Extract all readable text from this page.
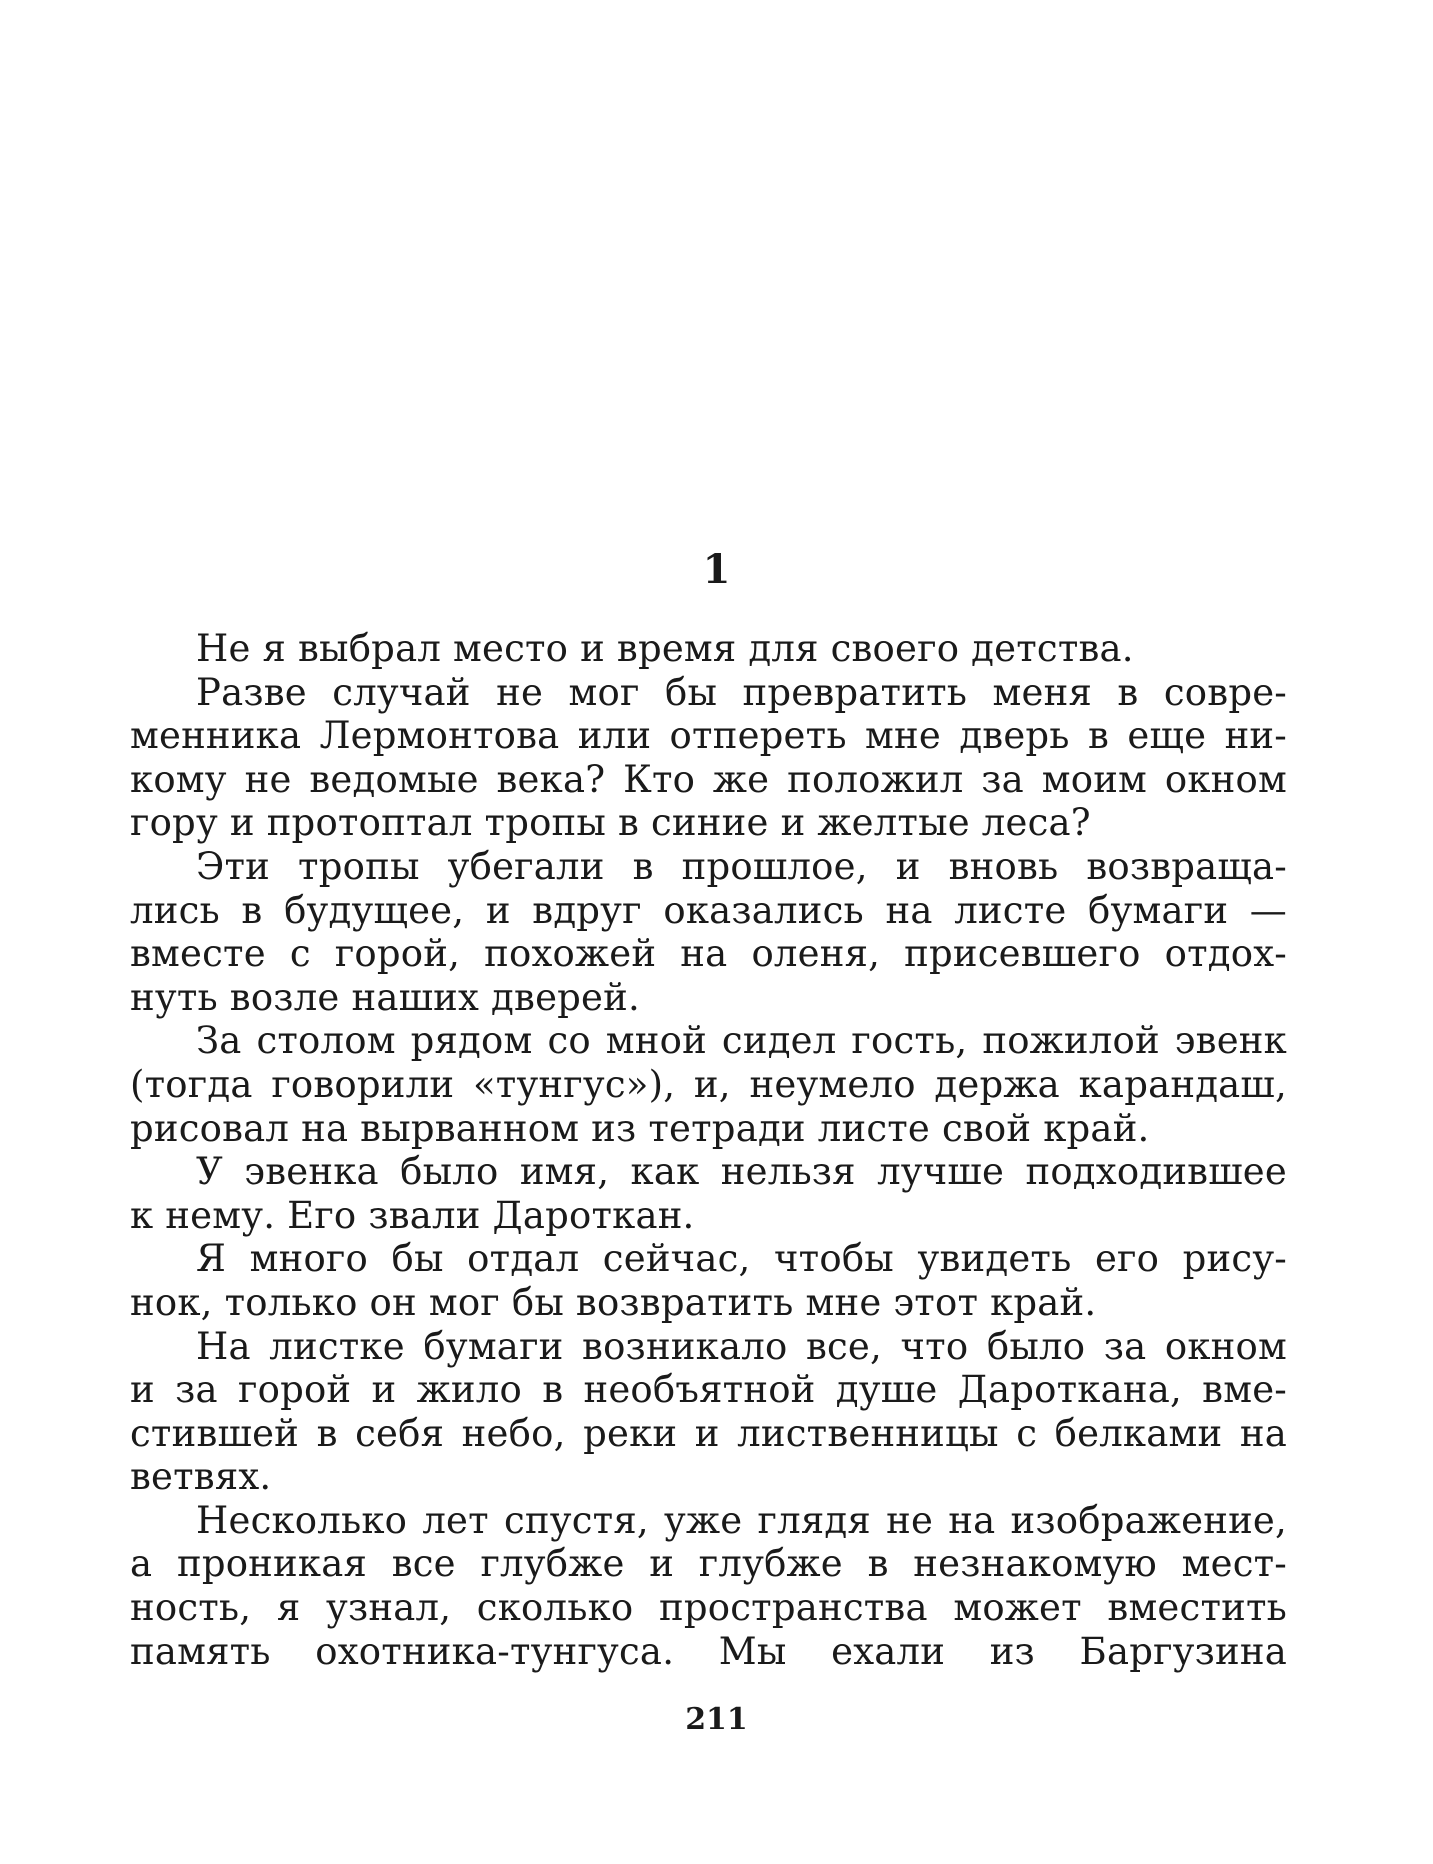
1
Не я выбрал место и время для своего детства.
Разве случай не мог бы превратить меня в совре-
менника Лермонтова или отпереть мне дверь в еще ни-
кому не ведомые века? Кто же положил за моим окном
гору и протоптал тропы в синие и желтые леса?
Эти тропы убегали в прошлое, и вновь возвраща-
лись в будущее, и вдруг оказались на листе бумаги —
вместе с горой, похожей на оленя, присевшего отдох-
нуть возле наших дверей.
За столом рядом со мной сидел гость, пожилой эвенк
(тогда говорили «тунгус»), и, неумело держа карандаш,
рисовал на вырванном из тетради листе свой край.
У эвенка было имя, как нельзя лучше подходившее
к нему. Его звали Дароткан.
Я много бы отдал сейчас, чтобы увидеть его рису-
нок, только он мог бы возвратить мне этот край.
На листке бумаги возникало все, что было за окном
и за горой и жило в необъятной душе Дароткана, вме-
стившей в себя небо, реки и лиственницы с белками на
ветвях.
Несколько лет спустя, уже глядя не на изображение,
а проникая все глубже и глубже в незнакомую мест-
ность, я узнал, сколько пространства может вместить
память охотника-тунгуса. Мы ехали из Баргузина
211
